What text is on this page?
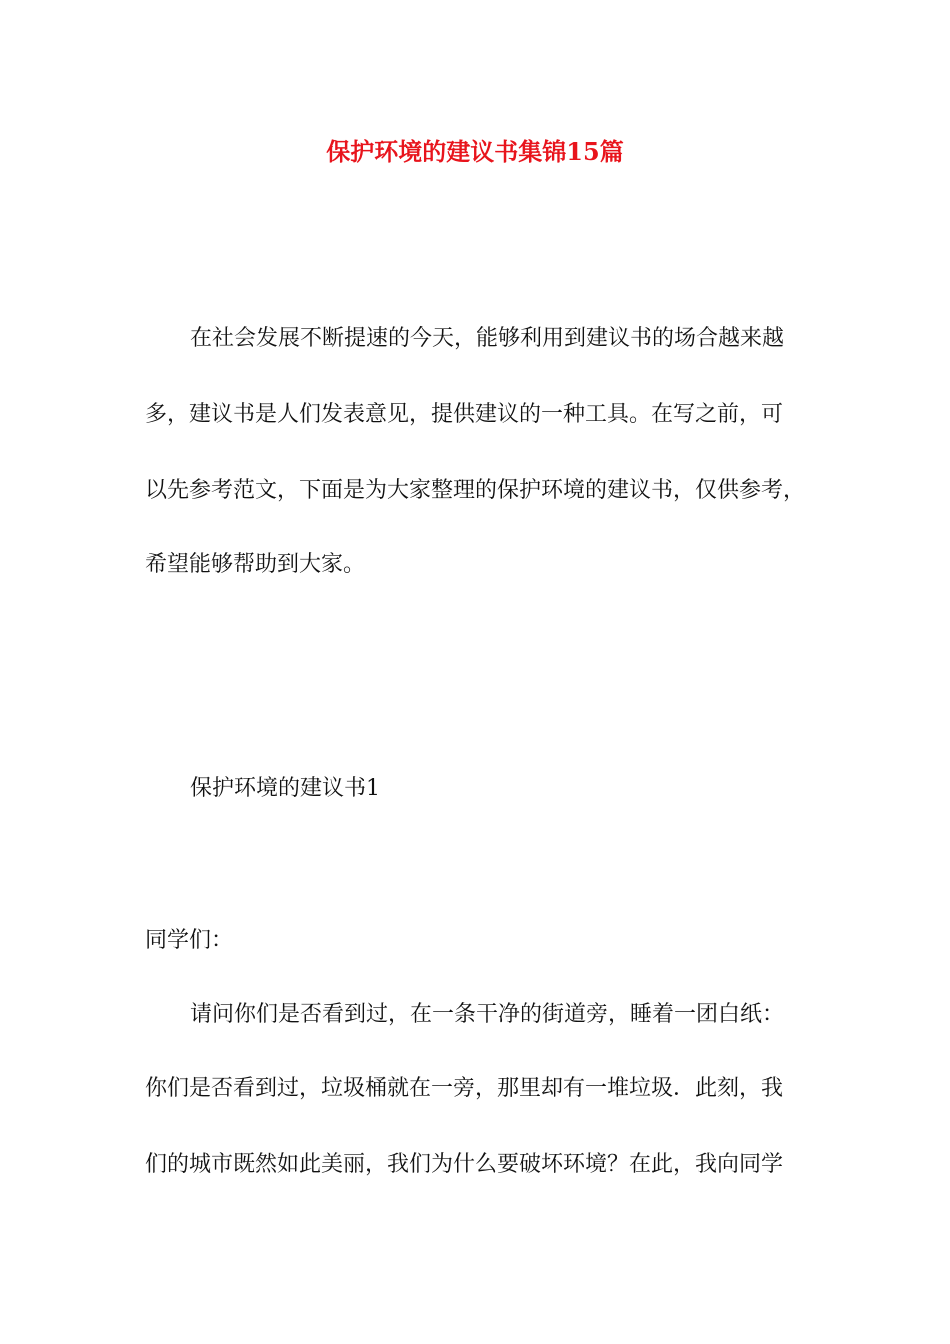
保护环境的建议书集锦15篇
在社会发展不断提速的今天，能够利用到建议书的场合越来越
多，建议书是人们发表意见，提供建议的一种工具。在写之前，可
以先参考范文，下面是为大家整理的保护环境的建议书，仅供参考，
希望能够帮助到大家。
保护环境的建议书1
同学们：
请问你们是否看到过，在一条干净的街道旁，睡着一团白纸：
你们是否看到过，垃圾桶就在一旁，那里却有一堆垃圾．此刻，我
们的城市既然如此美丽，我们为什么要破坏环境？在此，我向同学
